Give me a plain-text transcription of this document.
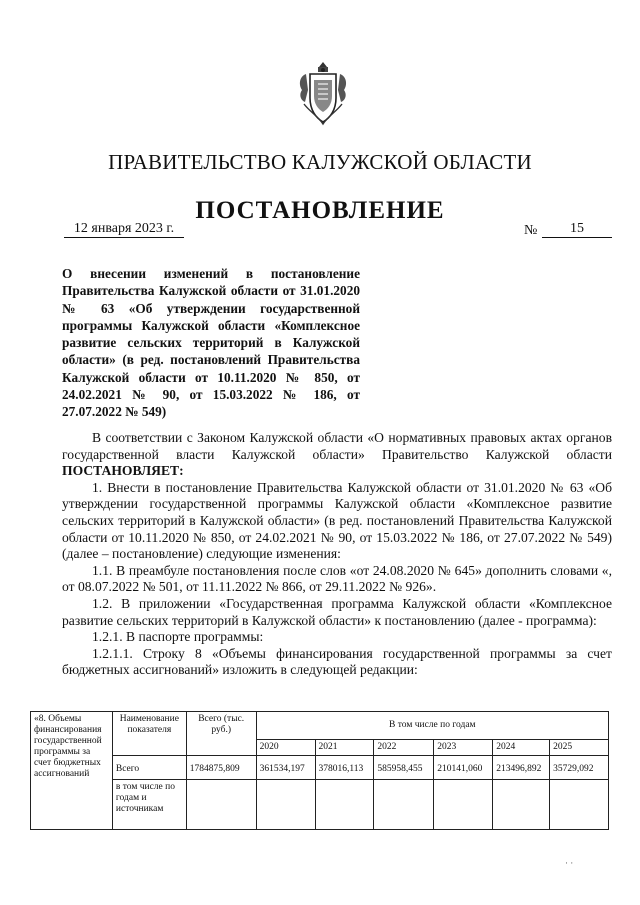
ПРАВИТЕЛЬСТВО КАЛУЖСКОЙ ОБЛАСТИ
ПОСТАНОВЛЕНИЕ
12 января 2023 г.	№	15
О внесении изменений в постановление Правительства Калужской области от 31.01.2020 № 63 «Об утверждении государственной программы Калужской области «Комплексное развитие сельских территорий в Калужской области» (в ред. постановлений Правительства Калужской области от 10.11.2020 № 850, от 24.02.2021 № 90, от 15.03.2022 № 186, от 27.07.2022 № 549)

В соответствии с Законом Калужской области «О нормативных правовых актах органов государственной власти Калужской области» Правительство Калужской области ПОСТАНОВЛЯЕТ:

1. Внести в постановление Правительства Калужской области от 31.01.2020 № 63 «Об утверждении государственной программы Калужской области «Комплексное развитие сельских территорий в Калужской области» (в ред. постановлений Правительства Калужской области от 10.11.2020 № 850, от 24.02.2021 № 90, от 15.03.2022 № 186, от 27.07.2022 № 549) (далее – постановление) следующие изменения:

1.1. В преамбуле постановления после слов «от 24.08.2020 № 645» дополнить словами «, от 08.07.2022 № 501, от 11.11.2022 № 866, от 29.11.2022 № 926».

1.2. В приложении «Государственная программа Калужской области «Комплексное развитие сельских территорий в Калужской области» к постановлению (далее - программа):

1.2.1. В паспорте программы:

1.2.1.1. Строку 8 «Объемы финансирования государственной программы за счет бюджетных ассигнований» изложить в следующей редакции:

«8. Объемы финансирования государственной программы за счет бюджетных ассигнований	Наименование показателя	Всего (тыс. руб.)	В том числе по годам					
			2020	2021	2022	2023	2024	2025
	Всего	1784875,809	361534,197	378016,113	585958,455	210141,060	213496,892	35729,092
	в том числе по годам и источникам							
· ·
